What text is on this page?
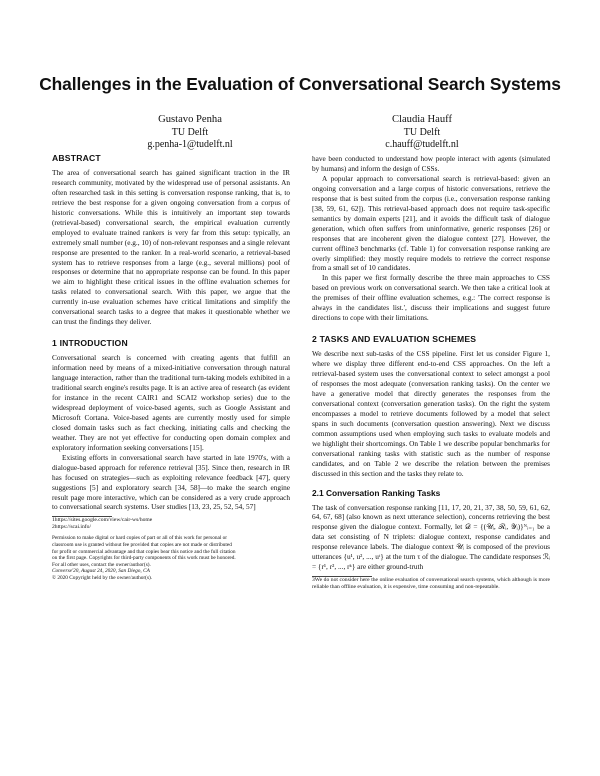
Challenges in the Evaluation of Conversational Search Systems
Gustavo Penha
TU Delft
g.penha-1@tudelft.nl
Claudia Hauff
TU Delft
c.hauff@tudelft.nl
ABSTRACT

The area of conversational search has gained significant traction in the IR research community, motivated by the widespread use of personal assistants. An often researched task in this setting is conversation response ranking, that is, to retrieve the best response for a given ongoing conversation from a corpus of historic conversations. While this is intuitively an important step towards (retrieval-based) conversational search, the empirical evaluation currently employed to evaluate trained rankers is very far from this setup: typically, an extremely small number (e.g., 10) of non-relevant responses and a single relevant response are presented to the ranker. In a real-world scenario, a retrieval-based system has to retrieve responses from a large (e.g., several millions) pool of responses or determine that no appropriate response can be found. In this paper we aim to highlight these critical issues in the offline evaluation schemes for tasks related to conversational search. With this paper, we argue that the currently in-use evaluation schemes have critical limitations and simplify the conversational search tasks to a degree that makes it questionable whether we can trust the findings they deliver.

1 INTRODUCTION

Conversational search is concerned with creating agents that fulfill an information need by means of a mixed-initiative conversation through natural language interaction, rather than the traditional turn-taking models exhibited in a traditional search engine's results page. It is an active area of research (as evident for instance in the recent CAIR1 and SCAI2 workshop series) due to the widespread deployment of voice-based agents, such as Google Assistant and Microsoft Cortana. Voice-based agents are currently mostly used for simple closed domain tasks such as fact checking, initiating calls and checking the weather. They are not yet effective for conducting open domain complex and exploratory information seeking conversations [15].

Existing efforts in conversational search have started in late 1970's, with a dialogue-based approach for reference retrieval [35]. Since then, research in IR has focused on strategies—such as exploiting relevance feedback [47], query suggestions [5] and exploratory search [34, 58]—to make the search engine result page more interactive, which can be considered as a very crude approach to conversational search systems. User studies [13, 23, 25, 52, 54, 57]

1https://sites.google.com/view/cair-ws/home
2https://scai.info/
Permission to make digital or hard copies of part or all of this work for personal or
classroom use is granted without fee provided that copies are not made or distributed
for profit or commercial advantage and that copies bear this notice and the full citation
on the first page. Copyrights for third-party components of this work must be honored.
For all other uses, contact the owner/author(s).
Converse'20, August 24, 2020, San Diego, CA
© 2020 Copyright held by the owner/author(s).

have been conducted to understand how people interact with agents (simulated by humans) and inform the design of CSSs.

A popular approach to conversational search is retrieval-based: given an ongoing conversation and a large corpus of historic conversations, retrieve the response that is best suited from the corpus (i.e., conversation response ranking [38, 59, 61, 62]). This retrieval-based approach does not require task-specific semantics by domain experts [21], and it avoids the difficult task of dialogue generation, which often suffers from uninformative, generic responses [26] or responses that are incoherent given the dialogue context [27]. However, the current offline3 benchmarks (cf. Table 1) for conversation response ranking are overly simplified: they mostly require models to retrieve the correct response from a small set of 10 candidates.

In this paper we first formally describe the three main approaches to CSS based on previous work on conversational search. We then take a critical look at the premises of their offline evaluation schemes, e.g.: 'The correct response is always in the candidates list.', discuss their implications and suggest future directions to cope with their limitations.

2 TASKS AND EVALUATION SCHEMES

We describe next sub-tasks of the CSS pipeline. First let us consider Figure 1, where we display three different end-to-end CSS approaches. On the left a retrieval-based system uses the conversational context to select amongst a pool of responses the most adequate (conversation ranking tasks). On the center we have a generative model that directly generates the responses from the conversational context (conversation generation tasks). On the right the system encompasses a model to retrieve documents followed by a model that select spans in such documents (conversation question answering). Next we discuss common assumptions used when employing such tasks to evaluate models and we highlight their shortcomings. On Table 1 we describe popular benchmarks for conversational ranking tasks with statistic such as the number of response candidates, and on Table 2 we describe the relation between the premises discussed in this section and the tasks they relate to.

2.1 Conversation Ranking Tasks

The task of conversation response ranking [11, 17, 20, 21, 37, 38, 50, 59, 61, 62, 64, 67, 68] (also known as next utterance selection), concerns retrieving the best response given the dialogue context. Formally, let 𝒟 = {(𝒰ᵢ, ℛᵢ, 𝒴ᵢ)}ᴺᵢ₌₁ be a data set consisting of N triplets: dialogue context, response candidates and response relevance labels. The dialogue context 𝒰ᵢ is composed of the previous utterances {u¹, u², ..., uᵗ} at the turn τ of the dialogue. The candidate responses ℛᵢ = {r¹, r², ..., rᵏ} are either ground-truth

3We do not consider here the online evaluation of conversational search systems, which although is more reliable than offline evaluation, it is expensive, time consuming and non-repeatable.
